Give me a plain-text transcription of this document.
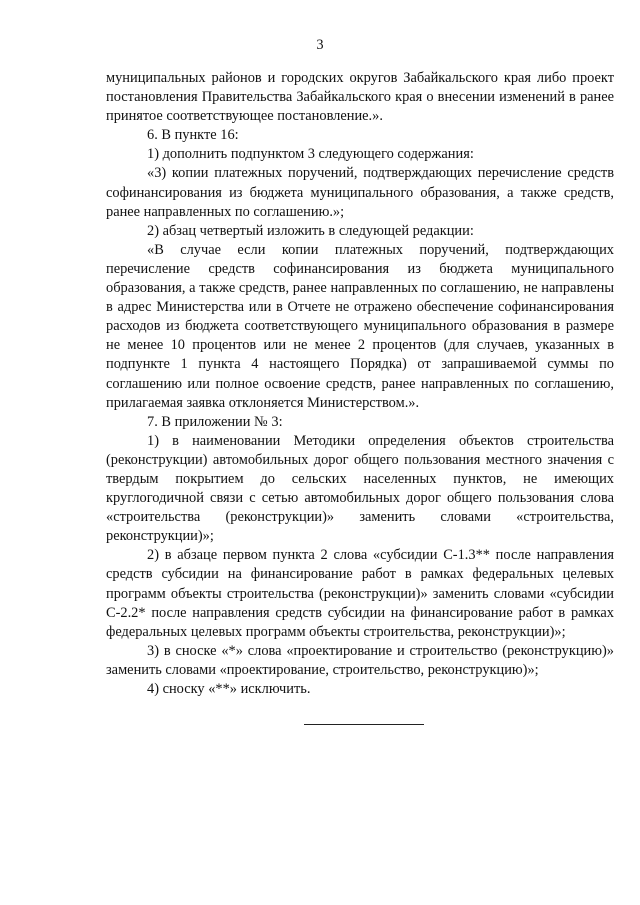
3

муниципальных районов и городских округов Забайкальского края либо проект постановления Правительства Забайкальского края о внесении изменений в ранее принятое соответствующее постановление.».

6. В пункте 16:

1) дополнить подпунктом 3 следующего содержания:

«3) копии платежных поручений, подтверждающих перечисление средств софинансирования из бюджета муниципального образования, а также средств, ранее направленных по соглашению.»;

2) абзац четвертый изложить в следующей редакции:

«В случае если копии платежных поручений, подтверждающих перечисление средств софинансирования из бюджета муниципального образования, а также средств, ранее направленных по соглашению, не направлены в адрес Министерства или в Отчете не отражено обеспечение софинансирования расходов из бюджета соответствующего муниципального образования в размере не менее 10 процентов или не менее 2 процентов (для случаев, указанных в подпункте 1 пункта 4 настоящего Порядка) от запрашиваемой суммы по соглашению или полное освоение средств, ранее направленных по соглашению, прилагаемая заявка отклоняется Министерством.».

7. В приложении № 3:

1) в наименовании Методики определения объектов строительства (реконструкции) автомобильных дорог общего пользования местного значения с твердым покрытием до сельских населенных пунктов, не имеющих круглогодичной связи с сетью автомобильных дорог общего пользования слова «строительства (реконструкции)» заменить словами «строительства, реконструкции)»;

2) в абзаце первом пункта 2 слова «субсидии С-1.3** после направления средств субсидии на финансирование работ в рамках федеральных целевых программ объекты строительства (реконструкции)» заменить словами «субсидии С-2.2* после направления средств субсидии на финансирование работ в рамках федеральных целевых программ объекты строительства, реконструкции)»;

3) в сноске «*» слова «проектирование и строительство (реконструкцию)» заменить словами «проектирование, строительство, реконструкцию)»;

4) сноску «**» исключить.
